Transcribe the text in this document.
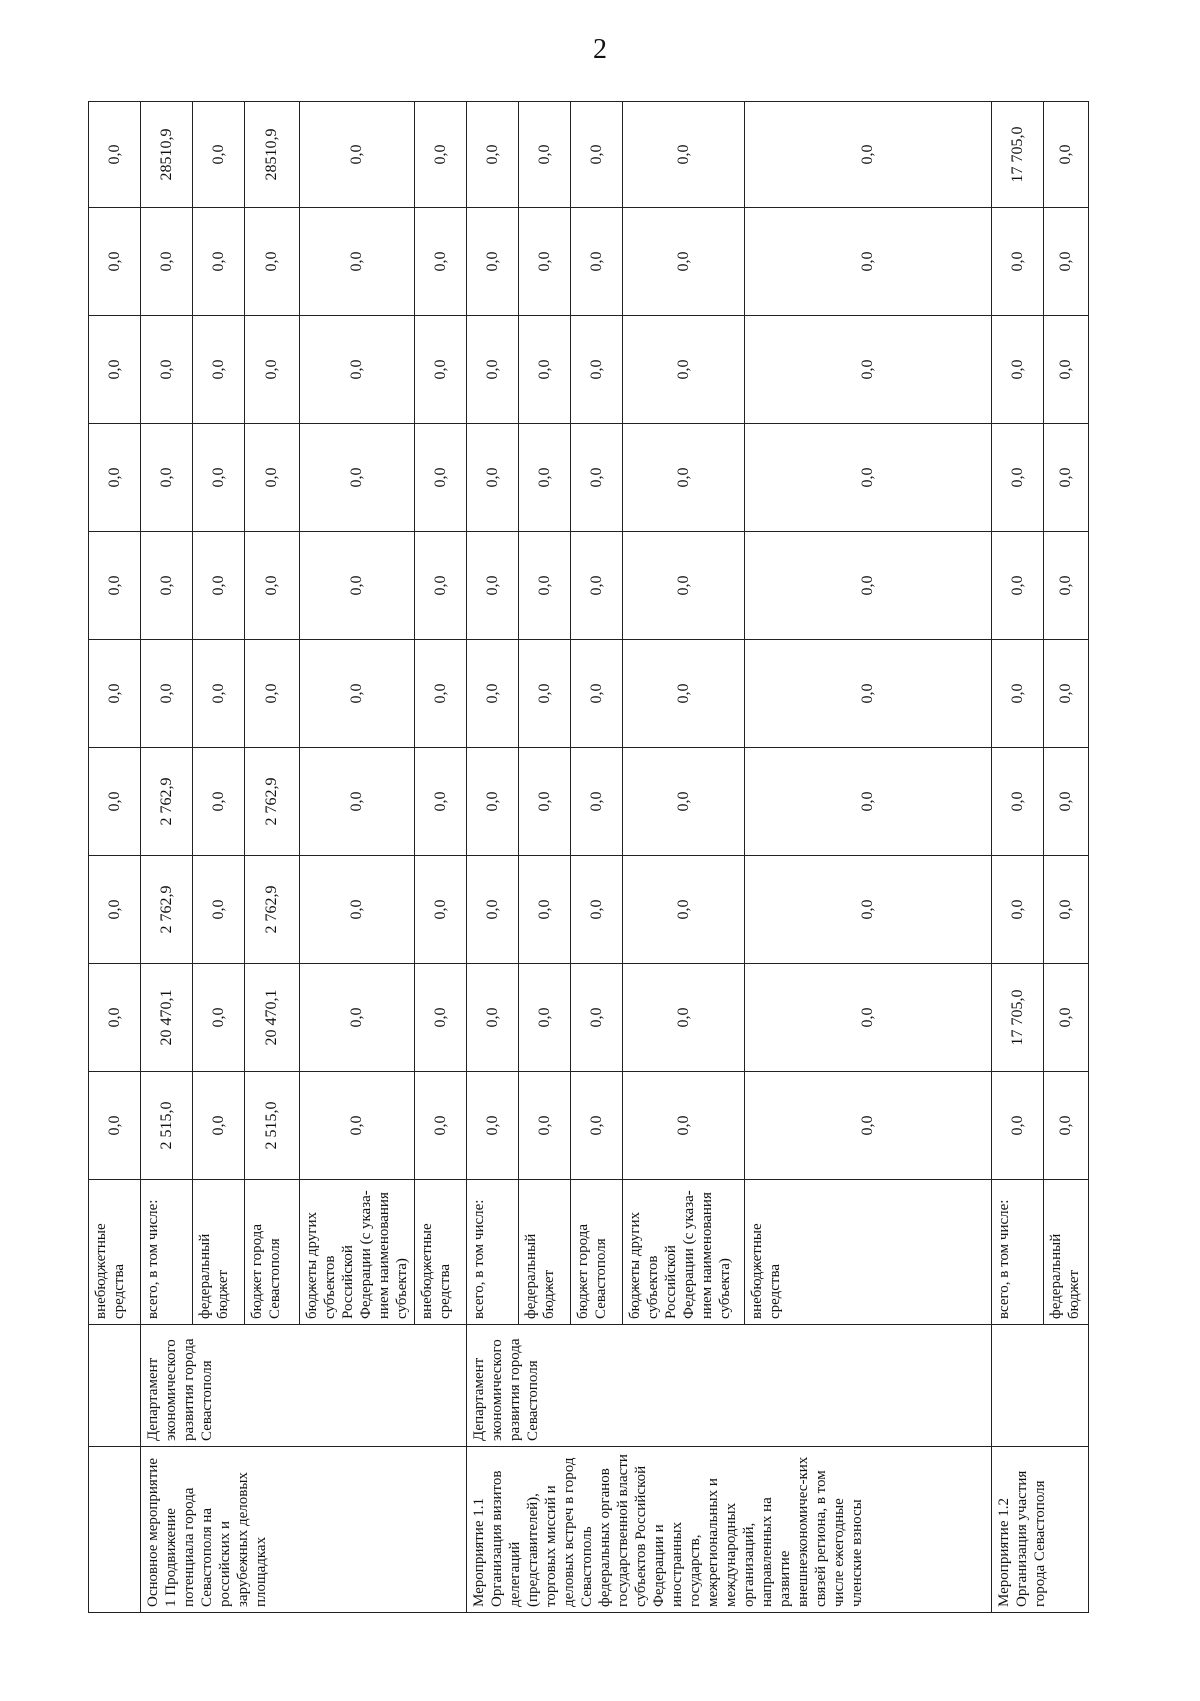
2
		внебюджетные средства	0,0	0,0	0,0	0,0	0,0	0,0	0,0	0,0	0,0	0,0
Основное мероприятие 1 Продвижение потенциала города Севастополя на российских и зарубежных деловых площадках	Департамент экономического развития города Севастополя	всего, в том числе:	2 515,0	20 470,1	2 762,9	2 762,9	0,0	0,0	0,0	0,0	0,0	28510,9
		федеральный бюджет	0,0	0,0	0,0	0,0	0,0	0,0	0,0	0,0	0,0	0,0
		бюджет города Севастополя	2 515,0	20 470,1	2 762,9	2 762,9	0,0	0,0	0,0	0,0	0,0	28510,9
		бюджеты других субъектов Российской Федерации (с указа-нием наименования субъекта)	0,0	0,0	0,0	0,0	0,0	0,0	0,0	0,0	0,0	0,0
		внебюджетные средства	0,0	0,0	0,0	0,0	0,0	0,0	0,0	0,0	0,0	0,0
Мероприятие 1.1 Организация визитов делегаций (представителей), торговых миссий и деловых встреч в город Севастополь федеральных органов государственной власти субъектов Российской Федерации и иностранных государств, межрегиональных и международных организаций, направленных на развитие внешнеэкономичес-ких связей региона, в том числе ежегодные членские взносы	Департамент экономического развития города Севастополя	всего, в том числе:	0,0	0,0	0,0	0,0	0,0	0,0	0,0	0,0	0,0	0,0
		федеральный бюджет	0,0	0,0	0,0	0,0	0,0	0,0	0,0	0,0	0,0	0,0
		бюджет города Севастополя	0,0	0,0	0,0	0,0	0,0	0,0	0,0	0,0	0,0	0,0
		бюджеты других субъектов Российской Федерации (с указа-нием наименования субъекта)	0,0	0,0	0,0	0,0	0,0	0,0	0,0	0,0	0,0	0,0
		внебюджетные средства	0,0	0,0	0,0	0,0	0,0	0,0	0,0	0,0	0,0	0,0
Мероприятие 1.2 Организация участия города Севастополя		всего, в том числе:	0,0	17 705,0	0,0	0,0	0,0	0,0	0,0	0,0	0,0	17 705,0
		федеральный бюджет	0,0	0,0	0,0	0,0	0,0	0,0	0,0	0,0	0,0	0,0
